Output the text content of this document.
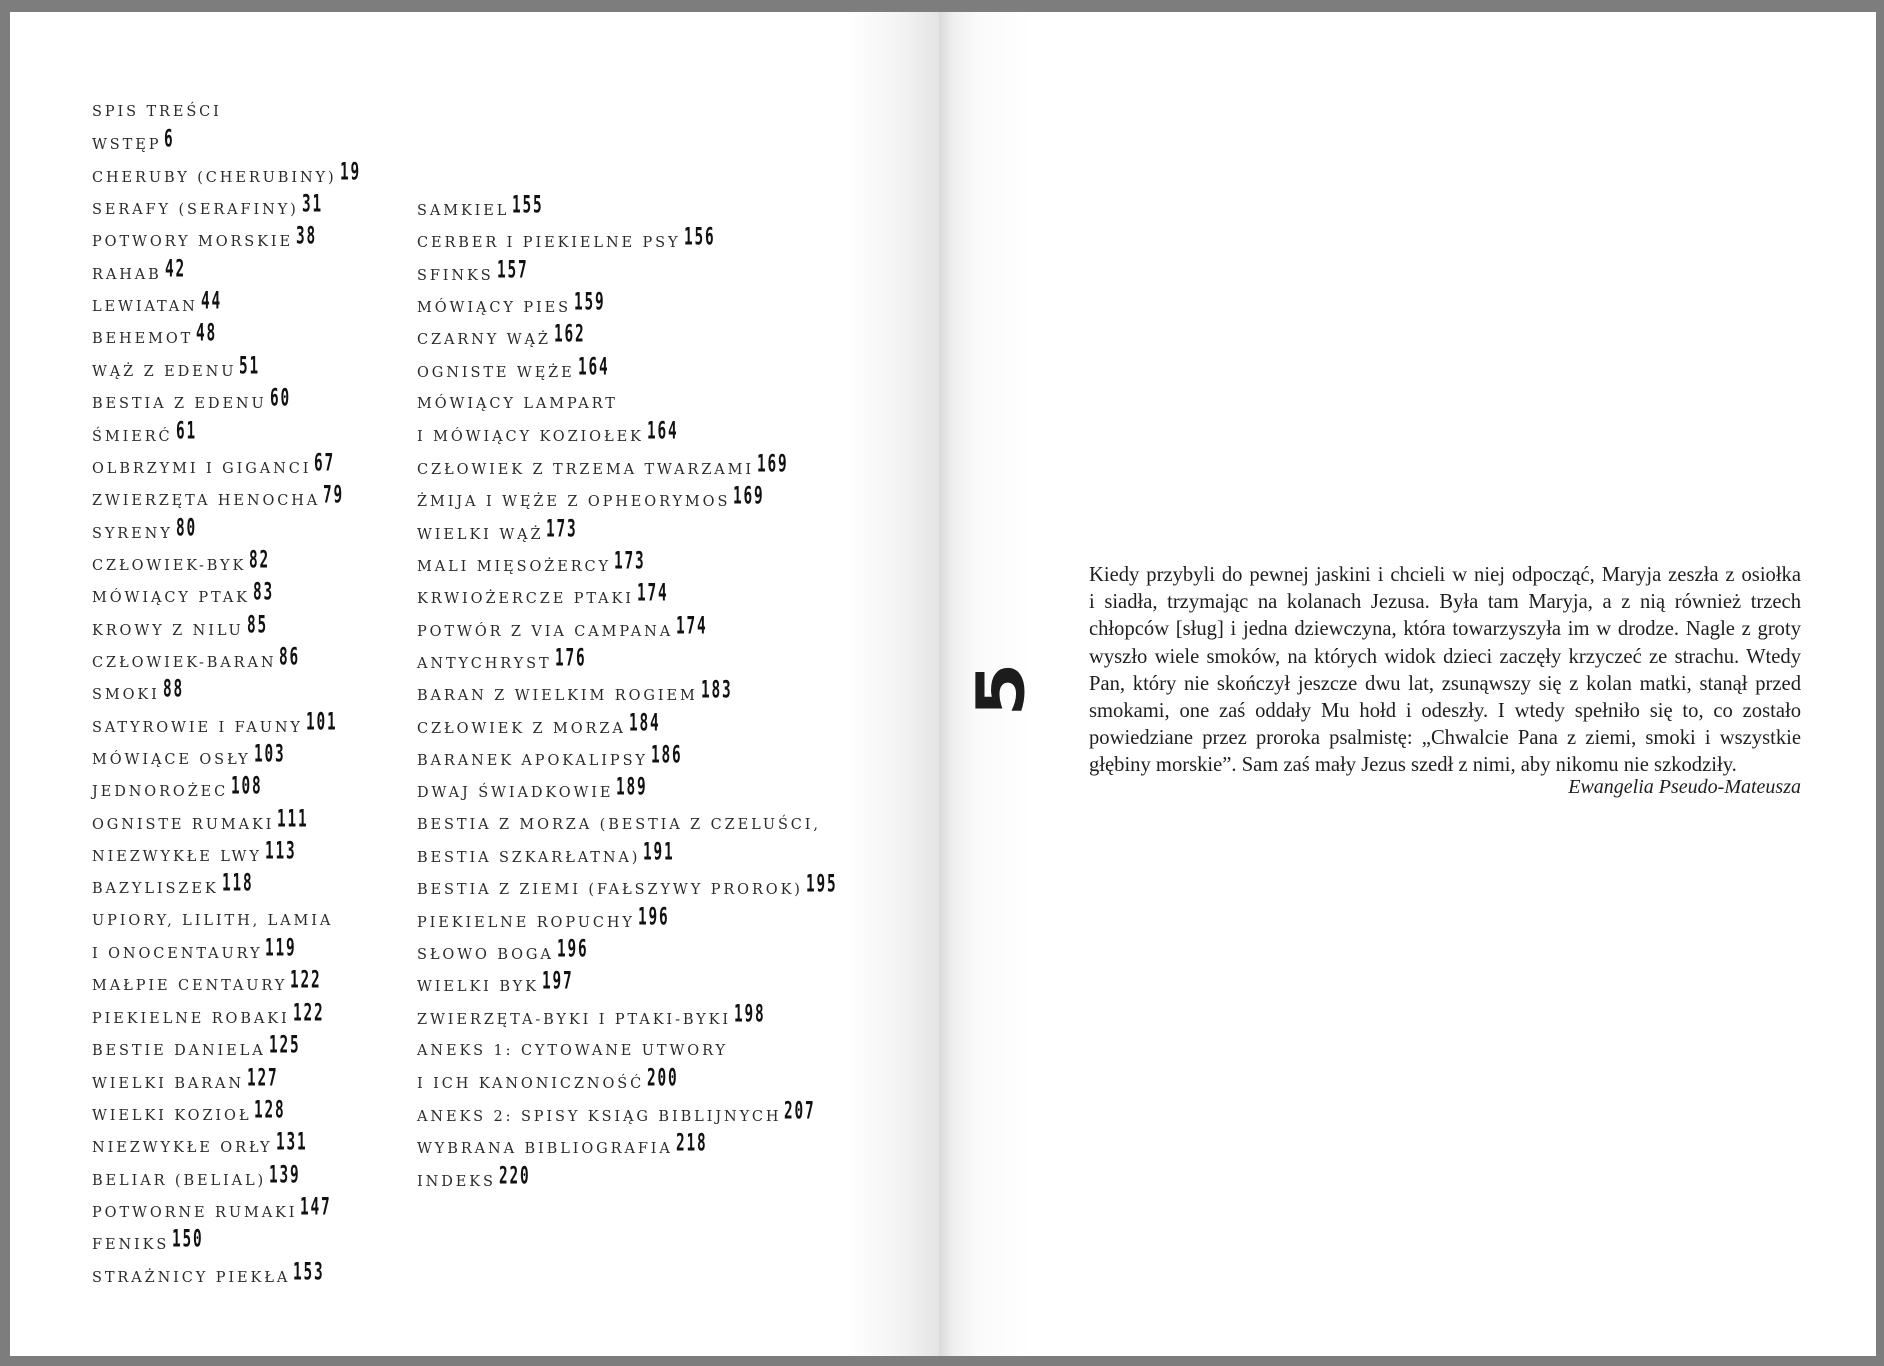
SPIS TREŚCI
WSTĘP 6
CHERUBY (CHERUBINY) 19
SERAFY (SERAFINY) 31
POTWORY MORSKIE 38
RAHAB 42
LEWIATAN 44
BEHEMOT 48
WĄŻ Z EDENU 51
BESTIA Z EDENU 60
ŚMIERĆ 61
OLBRZYMI I GIGANCI 67
ZWIERZĘTA HENOCHA 79
SYRENY 80
CZŁOWIEK-BYK 82
MÓWIĄCY PTAK 83
KROWY Z NILU 85
CZŁOWIEK-BARAN 86
SMOKI 88
SATYROWIE I FAUNY 101
MÓWIĄCE OSŁY 103
JEDNOROŻEC 108
OGNISTE RUMAKI 111
NIEZWYKŁE LWY 113
BAZYLISZEK 118
UPIORY, LILITH, LAMIA
I ONOCENTAURY 119
MAŁPIE CENTAURY 122
PIEKIELNE ROBAKI 122
BESTIE DANIELA 125
WIELKI BARAN 127
WIELKI KOZIOŁ 128
NIEZWYKŁE ORŁY 131
BELIAR (BELIAL) 139
POTWORNE RUMAKI 147
FENIKS 150
STRAŻNICY PIEKŁA 153
SAMKIEL 155
CERBER I PIEKIELNE PSY 156
SFINKS 157
MÓWIĄCY PIES 159
CZARNY WĄŻ 162
OGNISTE WĘŻE 164
MÓWIĄCY LAMPART
I MÓWIĄCY KOZIOŁEK 164
CZŁOWIEK Z TRZEMA TWARZAMI 169
ŻMIJA I WĘŻE Z OPHEORYMOS 169
WIELKI WĄŻ 173
MALI MIĘSOŻERCY 173
KRWIOŻERCZE PTAKI 174
POTWÓR Z VIA CAMPANA 174
ANTYCHRYST 176
BARAN Z WIELKIM ROGIEM 183
CZŁOWIEK Z MORZA 184
BARANEK APOKALIPSY 186
DWAJ ŚWIADKOWIE 189
BESTIA Z MORZA (BESTIA Z CZELUŚCI,
BESTIA SZKARŁATNA) 191
BESTIA Z ZIEMI (FAŁSZYWY PROROK) 195
PIEKIELNE ROPUCHY 196
SŁOWO BOGA 196
WIELKI BYK 197
ZWIERZĘTA-BYKI I PTAKI-BYKI 198
ANEKS 1: CYTOWANE UTWORY
I ICH KANONICZNOŚĆ 200
ANEKS 2: SPISY KSIĄG BIBLIJNYCH 207
WYBRANA BIBLIOGRAFIA 218
INDEKS 220
5
Kiedy przybyli do pewnej jaskini i chcieli w niej odpocząć, Maryja zeszła z osiołka
i siadła, trzymając na kolanach Jezusa. Była tam Maryja, a z nią również trzech
chłopców [sług] i jedna dziewczyna, która towarzyszyła im w drodze. Nagle z groty
wyszło wiele smoków, na których widok dzieci zaczęły krzyczeć ze strachu. Wtedy
Pan, który nie skończył jeszcze dwu lat, zsunąwszy się z kolan matki, stanął przed
smokami, one zaś oddały Mu hołd i odeszły. I wtedy spełniło się to, co zostało
powiedziane przez proroka psalmistę: „Chwalcie Pana z ziemi, smoki i wszystkie
głębiny morskie”. Sam zaś mały Jezus szedł z nimi, aby nikomu nie szkodziły.
Ewangelia Pseudo-Mateusza
